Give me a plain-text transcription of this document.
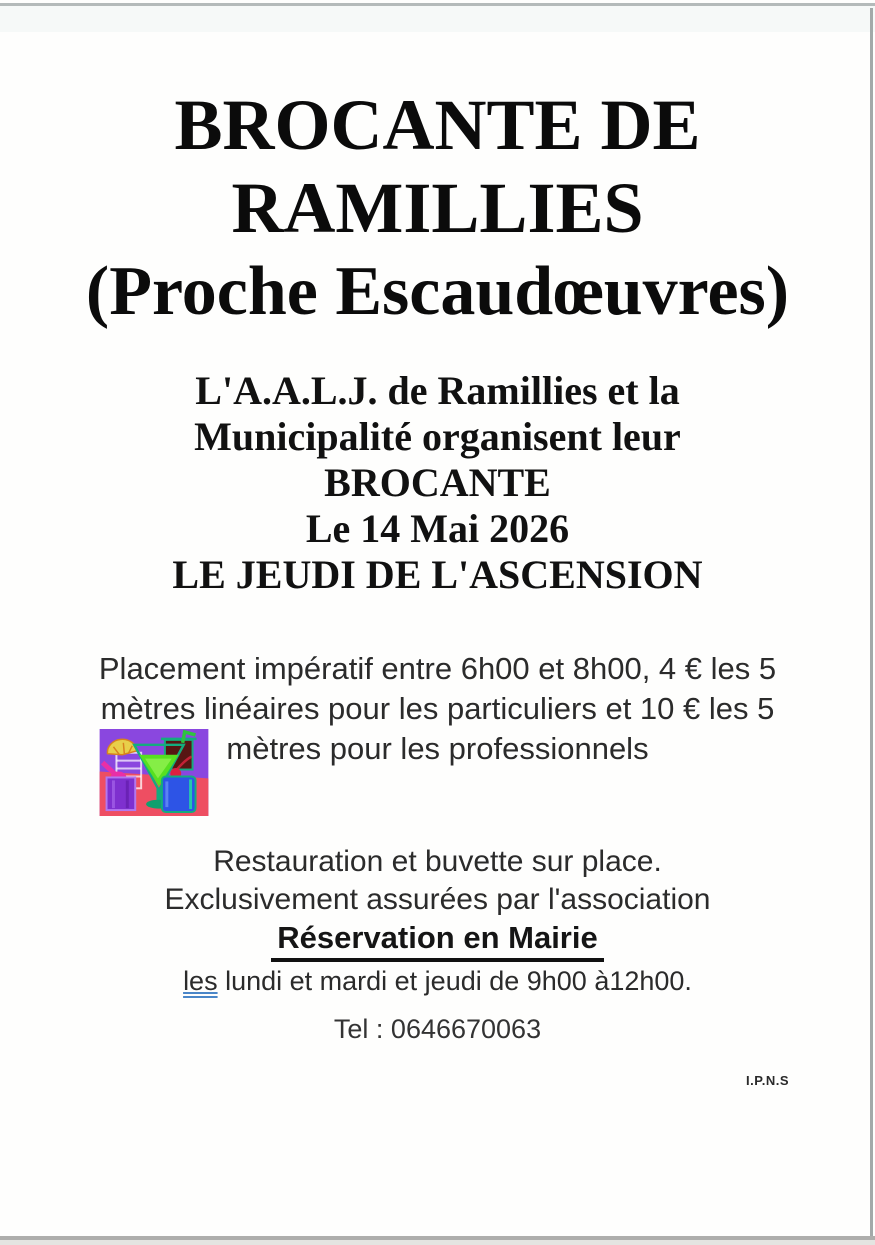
BROCANTE DE
RAMILLIES
(Proche Escaudœuvres)
L'A.A.L.J. de Ramillies et la
Municipalité organisent leur
BROCANTE
Le 14 Mai 2026
LE JEUDI DE L'ASCENSION
Placement impératif entre 6h00 et 8h00, 4 € les 5
mètres linéaires pour les particuliers et 10 € les 5
mètres pour les professionnels
Restauration et buvette sur place.
Exclusivement assurées par l'association
Réservation en Mairie
les lundi et mardi et jeudi de 9h00 à12h00.
Tel : 0646670063
I.P.N.S
